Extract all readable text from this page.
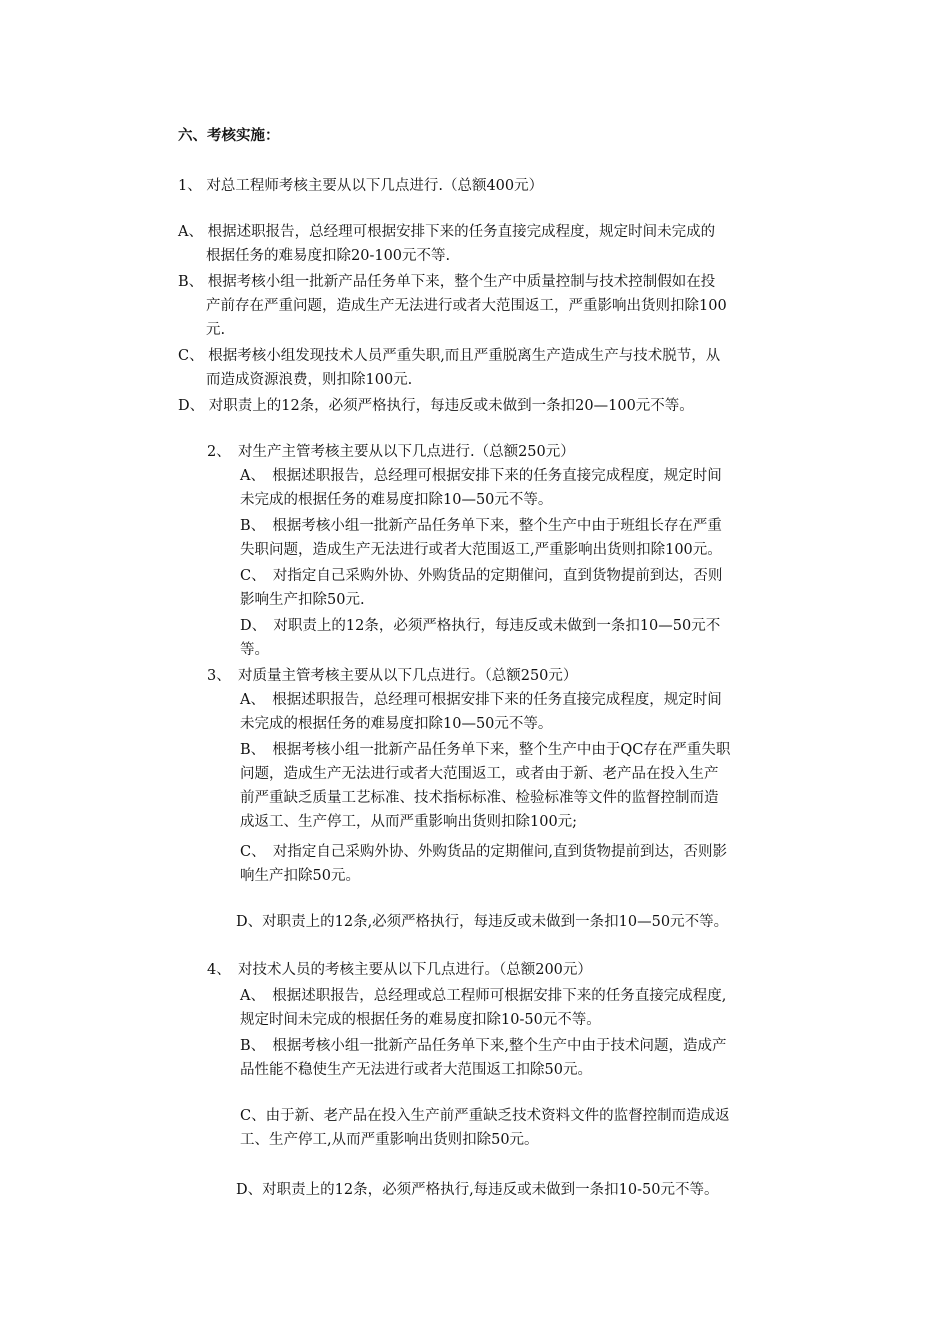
六、考核实施：
1、 对总工程师考核主要从以下几点进行.（总额400元）
A、 根据述职报告，总经理可根据安排下来的任务直接完成程度，规定时间未完成的
根据任务的难易度扣除20-100元不等.
B、 根据考核小组一批新产品任务单下来，整个生产中质量控制与技术控制假如在投
产前存在严重问题，造成生产无法进行或者大范围返工，严重影响出货则扣除100
元.
C、 根据考核小组发现技术人员严重失职,而且严重脱离生产造成生产与技术脱节，从
而造成资源浪费，则扣除100元.
D、 对职责上的12条，必须严格执行，每违反或未做到一条扣20—100元不等。
2、　对生产主管考核主要从以下几点进行.（总额250元）
A、　根据述职报告，总经理可根据安排下来的任务直接完成程度，规定时间
未完成的根据任务的难易度扣除10—50元不等。
B、　根据考核小组一批新产品任务单下来，整个生产中由于班组长存在严重
失职问题，造成生产无法进行或者大范围返工,严重影响出货则扣除100元。
C、　对指定自己采购外协、外购货品的定期催问，直到货物提前到达，否则
影响生产扣除50元.
D、　对职责上的12条，必须严格执行，每违反或未做到一条扣10—50元不
等。
3、　对质量主管考核主要从以下几点进行。（总额250元）
A、　根据述职报告，总经理可根据安排下来的任务直接完成程度，规定时间
未完成的根据任务的难易度扣除10—50元不等。
B、　根据考核小组一批新产品任务单下来，整个生产中由于QC存在严重失职
问题，造成生产无法进行或者大范围返工，或者由于新、老产品在投入生产
前严重缺乏质量工艺标准、技术指标标准、检验标准等文件的监督控制而造
成返工、生产停工，从而严重影响出货则扣除100元;
C、　对指定自己采购外协、外购货品的定期催问,直到货物提前到达，否则影
响生产扣除50元。
D、对职责上的12条,必须严格执行，每违反或未做到一条扣10—50元不等。
4、　对技术人员的考核主要从以下几点进行。（总额200元）
A、　根据述职报告，总经理或总工程师可根据安排下来的任务直接完成程度,
规定时间未完成的根据任务的难易度扣除10-50元不等。
B、　根据考核小组一批新产品任务单下来,整个生产中由于技术问题，造成产
品性能不稳使生产无法进行或者大范围返工扣除50元。
C、由于新、老产品在投入生产前严重缺乏技术资料文件的监督控制而造成返
工、生产停工,从而严重影响出货则扣除50元。
D、对职责上的12条，必须严格执行,每违反或未做到一条扣10-50元不等。
